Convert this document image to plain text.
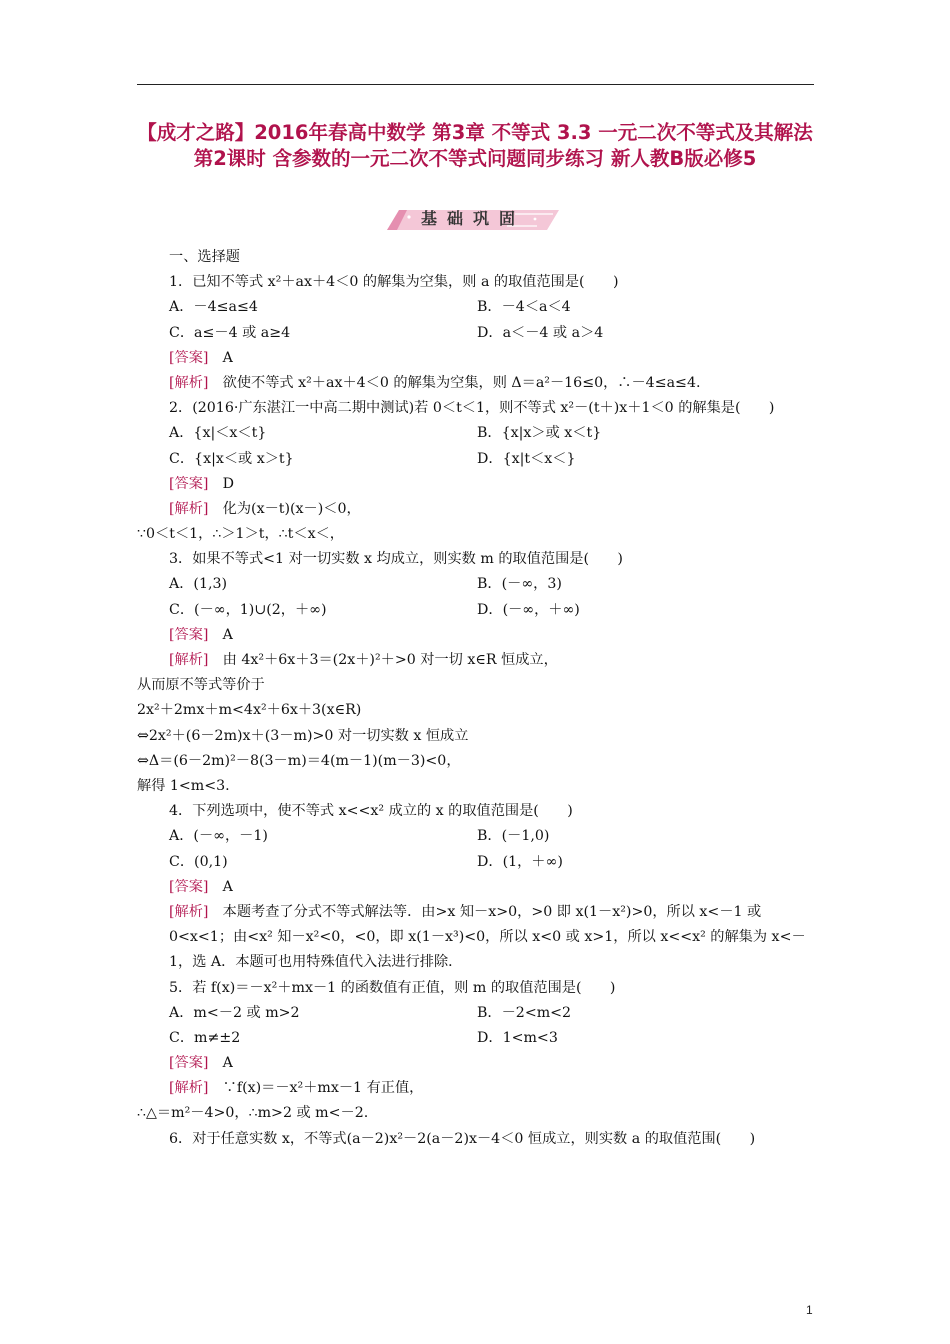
【成才之路】2016年春高中数学 第3章 不等式 3.3 一元二次不等式及其解法 第2课时 含参数的一元二次不等式问题同步练习 新人教B版必修5
基础巩固
一、选择题
1．已知不等式 x²＋ax＋4＜0 的解集为空集，则 a 的取值范围是(　　)
A．－4≤a≤4	B．－4＜a＜4
C．a≤－4 或 a≥4	D．a＜－4 或 a＞4
[答案]　 A
[解析]　 欲使不等式 x²＋ax＋4＜0 的解集为空集，则 Δ＝a²－16≤0，∴－4≤a≤4.
2．(2016·广东湛江一中高二期中测试)若 0＜t＜1，则不等式 x²－(t＋)x＋1＜0 的解集是(　　)
A．{x|＜x＜t}	B．{x|x＞或 x＜t}
C．{x|x＜或 x＞t}	D．{x|t＜x＜}
[答案]　 D
[解析]　 化为(x－t)(x－)＜0，
∵0＜t＜1，∴＞1＞t，∴t＜x＜，
3．如果不等式<1 对一切实数 x 均成立，则实数 m 的取值范围是(　　)
A．(1,3)	B．(－∞，3)
C．(－∞，1)∪(2，＋∞)	D．(－∞，＋∞)
[答案]　 A
[解析]　 由 4x²＋6x＋3＝(2x＋)²＋>0 对一切 x∈R 恒成立，
从而原不等式等价于
2x²＋2mx＋m<4x²＋6x＋3(x∈R)
⇔2x²＋(6－2m)x＋(3－m)>0 对一切实数 x 恒成立
⇔Δ＝(6－2m)²－8(3－m)＝4(m－1)(m－3)<0，
解得 1<m<3.
4．下列选项中，使不等式 x<<x² 成立的 x 的取值范围是(　　)
A．(－∞，－1)	B．(－1,0)
C．(0,1)	D．(1，＋∞)
[答案]　 A
[解析]　 本题考查了分式不等式解法等．由>x 知－x>0，>0 即 x(1－x²)>0，所以 x<－1 或 0<x<1；由<x² 知－x²<0，<0，即 x(1－x³)<0，所以 x<0 或 x>1，所以 x<<x² 的解集为 x<－1，选 A．本题可也用特殊值代入法进行排除．
5．若 f(x)＝－x²＋mx－1 的函数值有正值，则 m 的取值范围是(　　)
A．m<－2 或 m>2	B．－2<m<2
C．m≠±2	D．1<m<3
[答案]　 A
[解析]　 ∵f(x)＝－x²＋mx－1 有正值，
∴△＝m²－4>0，∴m>2 或 m<－2.
6．对于任意实数 x，不等式(a－2)x²－2(a－2)x－4＜0 恒成立，则实数 a 的取值范围(　　)
1
